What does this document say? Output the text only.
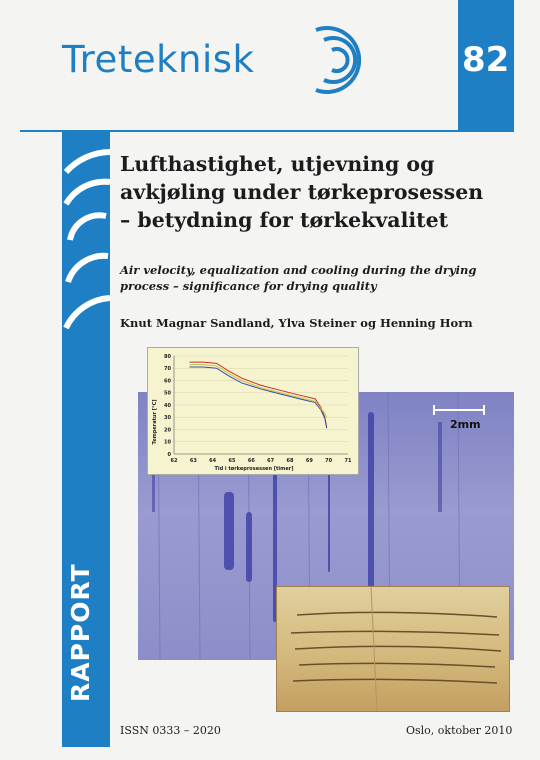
Treteknisk	82
RAPPORT
Lufthastighet, utjevning og
avkjøling under tørkeprosessen
– betydning for tørkekvalitet
Air velocity, equalization and cooling during the drying
process – significance for drying quality
Knut Magnar Sandland, Ylva Steiner og Henning Horn
2mm
0
10
20
30
40
50
60
70
80
62 63 64 65 66 67 68 69 70 71
Temperatur [°C]
Tid i tørkeprosessen [timer]
ISSN 0333 – 2020	Oslo, oktober 2010
